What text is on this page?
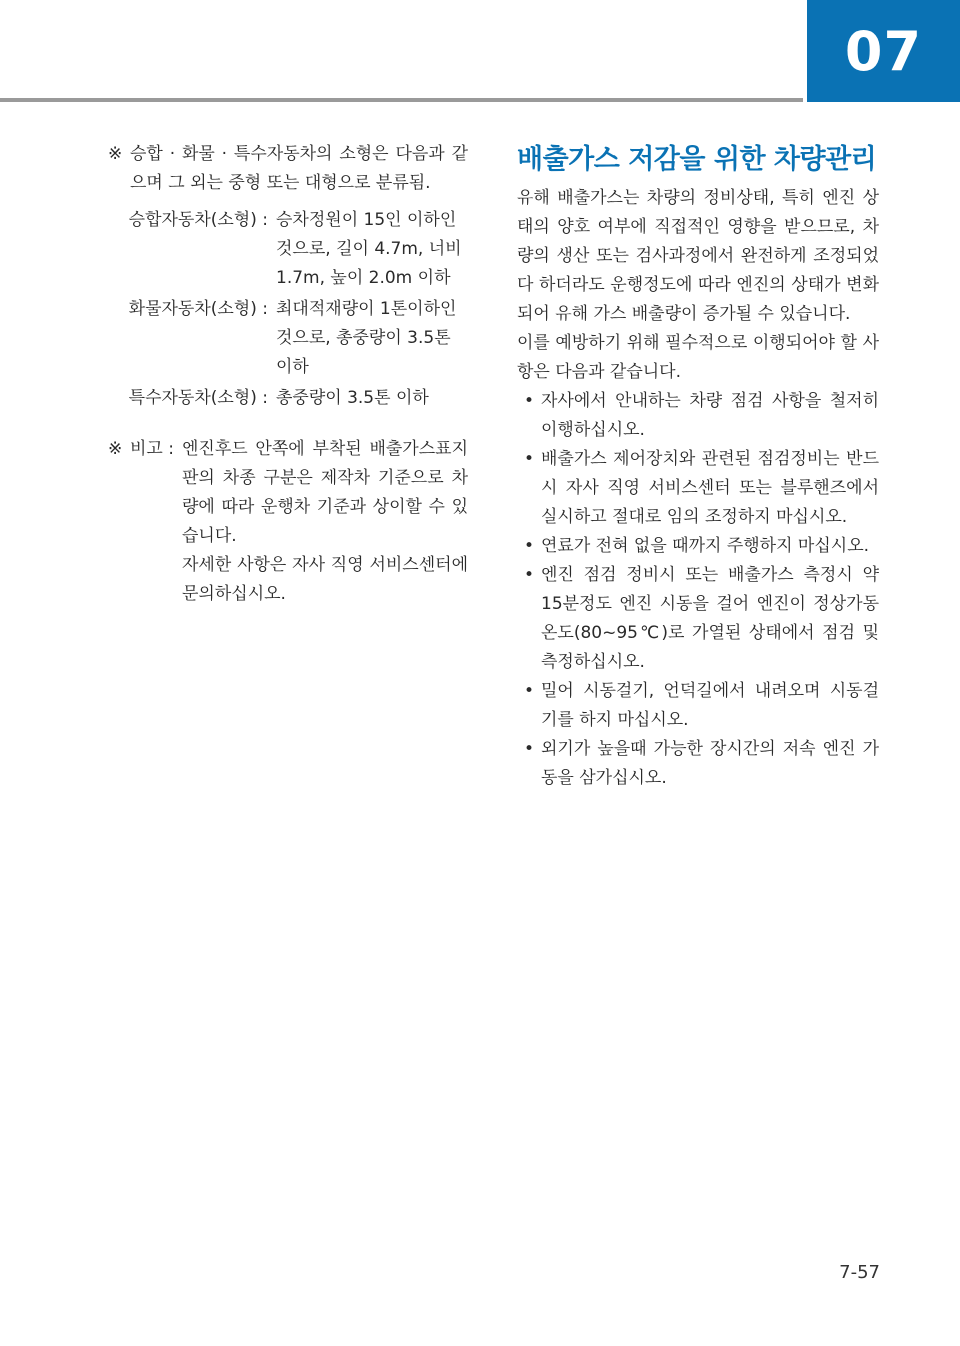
07
※ 승합 · 화물 · 특수자동차의 소형은 다음과 같으며 그 외는 중형 또는 대형으로 분류됨.
승합자동차(소형) : 승차정원이 15인 이하인 것으로, 길이 4.7m, 너비 1.7m, 높이 2.0m 이하
화물자동차(소형) : 최대적재량이 1톤이하인 것으로, 총중량이 3.5톤 이하
특수자동차(소형) : 총중량이 3.5톤 이하
※ 비고 : 엔진후드 안쪽에 부착된 배출가스표지판의 차종 구분은 제작차 기준으로 차량에 따라 운행차 기준과 상이할 수 있습니다.
자세한 사항은 자사 직영 서비스센터에 문의하십시오.
배출가스 저감을 위한 차량관리

유해 배출가스는 차량의 정비상태, 특히 엔진 상태의 양호 여부에 직접적인 영향을 받으므로, 차량의 생산 또는 검사과정에서 완전하게 조정되었다 하더라도 운행정도에 따라 엔진의 상태가 변화되어 유해 가스 배출량이 증가될 수 있습니다.

이를 예방하기 위해 필수적으로 이행되어야 할 사항은 다음과 같습니다.

• 자사에서 안내하는 차량 점검 사항을 철저히 이행하십시오.
• 배출가스 제어장치와 관련된 점검정비는 반드시 자사 직영 서비스센터 또는 블루핸즈에서 실시하고 절대로 임의 조정하지 마십시오.
• 연료가 전혀 없을 때까지 주행하지 마십시오.
• 엔진 점검 정비시 또는 배출가스 측정시 약 15분정도 엔진 시동을 걸어 엔진이 정상가동온도(80~95℃)로 가열된 상태에서 점검 및 측정하십시오.
• 밀어 시동걸기, 언덕길에서 내려오며 시동걸기를 하지 마십시오.
• 외기가 높을때 가능한 장시간의 저속 엔진 가동을 삼가십시오.
7-57
